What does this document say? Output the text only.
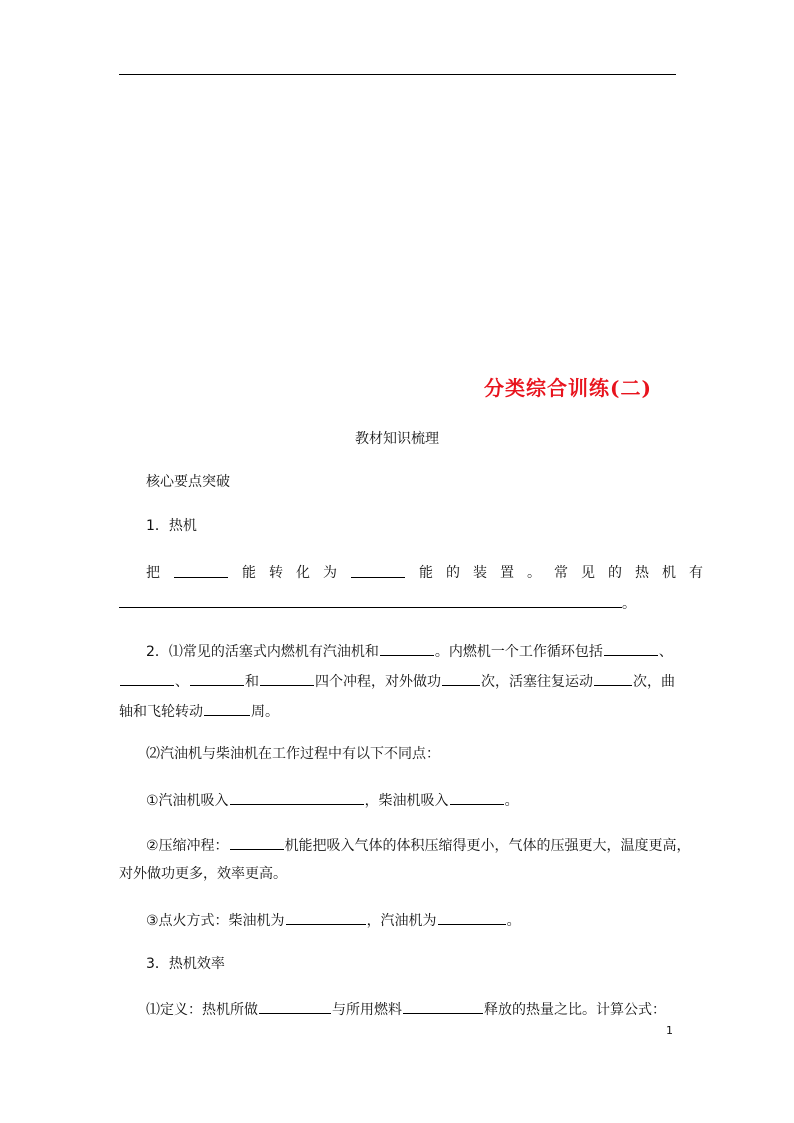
分类综合训练(二)
教材知识梳理
核心要点突破
1．热机
把	能 转 化 为	能 的 装 置 。 常 见 的 热 机 有
。
2．⑴常见的活塞式内燃机有汽油机和	。内燃机一个工作循环包括	、
、	和	四个冲程，对外做功	次，活塞往复运动	次，曲
轴和飞轮转动	周。
⑵汽油机与柴油机在工作过程中有以下不同点：
①汽油机吸入	，柴油机吸入	。
②压缩冲程：	机能把吸入气体的体积压缩得更小，气体的压强更大，温度更高，
对外做功更多，效率更高。
③点火方式：柴油机为	，汽油机为	。
3．热机效率
⑴定义：热机所做	与所用燃料	释放的热量之比。计算公式：
1
